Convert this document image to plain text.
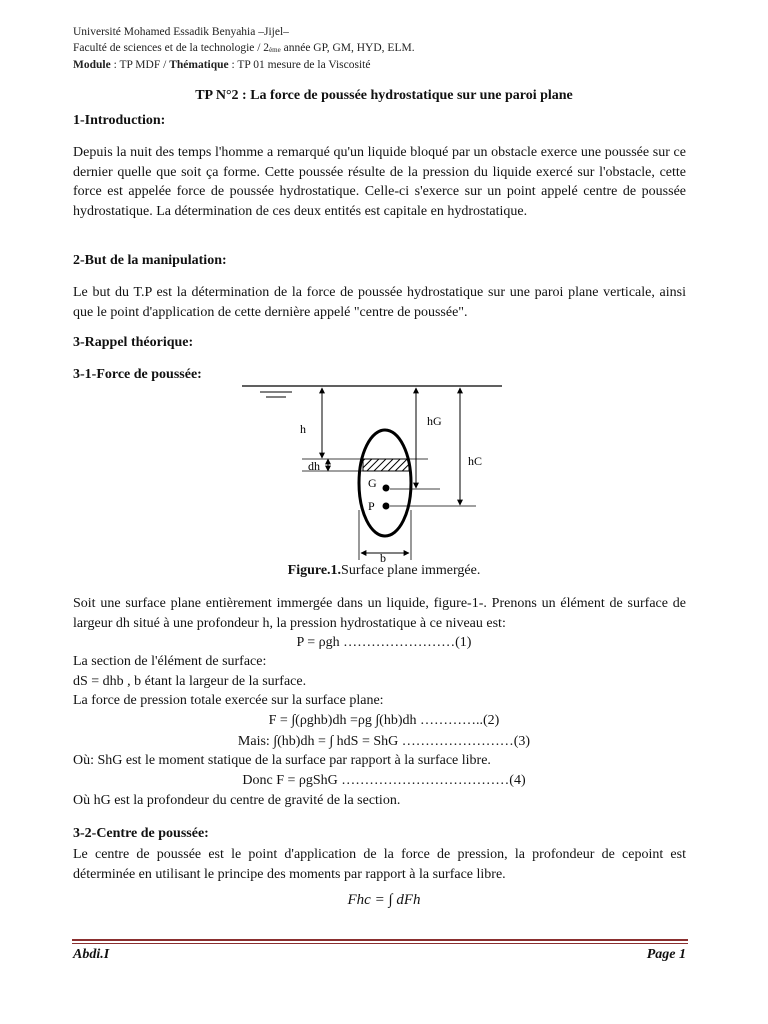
Université Mohamed Essadik Benyahia –Jijel–
Faculté de sciences et de la technologie / $2_{ème}$ année GP, GM, HYD, ELM.
Module : TP MDF / Thématique : TP 01 mesure de la Viscosité
TP N°2 : La force de poussée hydrostatique sur une paroi plane
1-Introduction:
Depuis la nuit des temps l'homme a remarqué qu'un liquide bloqué par un obstacle exerce une poussée sur ce dernier quelle que soit ça forme. Cette poussée résulte de la pression du liquide exercé sur l'obstacle, cette force est appelée force de poussée hydrostatique. Celle-ci s'exerce sur un point appelé centre de poussée hydrostatique. La détermination de ces deux entités est capitale en hydrostatique.
2-But de la manipulation:
Le but du T.P est la détermination de la force de poussée hydrostatique sur une paroi plane verticale, ainsi que le point d'application de cette dernière appelé "centre de poussée".
3-Rappel théorique:
3-1-Force de poussée:
h
hG
hC
dh
G
P
b
Figure.1.Surface plane immergée.
Soit une surface plane entièrement immergée dans un liquide, figure-1-. Prenons un élément de surface de largeur dh situé à une profondeur h, la pression hydrostatique à ce niveau est:
P = ρgh ……………………(1)
La section de l'élément de surface:
dS = dhb , b étant la largeur de la surface.
La force de pression totale exercée sur la surface plane:
F = ∫(ρghb)dh =ρg ∫(hb)dh …………..(2)
Mais: ∫(hb)dh = ∫ hdS = ShG ……………………(3)
Où: ShG est le moment statique de la surface par rapport à la surface libre.
Donc F = ρgShG ………………………………(4)
Où hG est la profondeur du centre de gravité de la section.
3-2-Centre de poussée:
Le centre de poussée est le point d'application de la force de pression, la profondeur de cepoint est déterminée en utilisant le principe des moments par rapport à la surface libre.
Fhc = ∫ dFh
Abdi.I	Page 1
